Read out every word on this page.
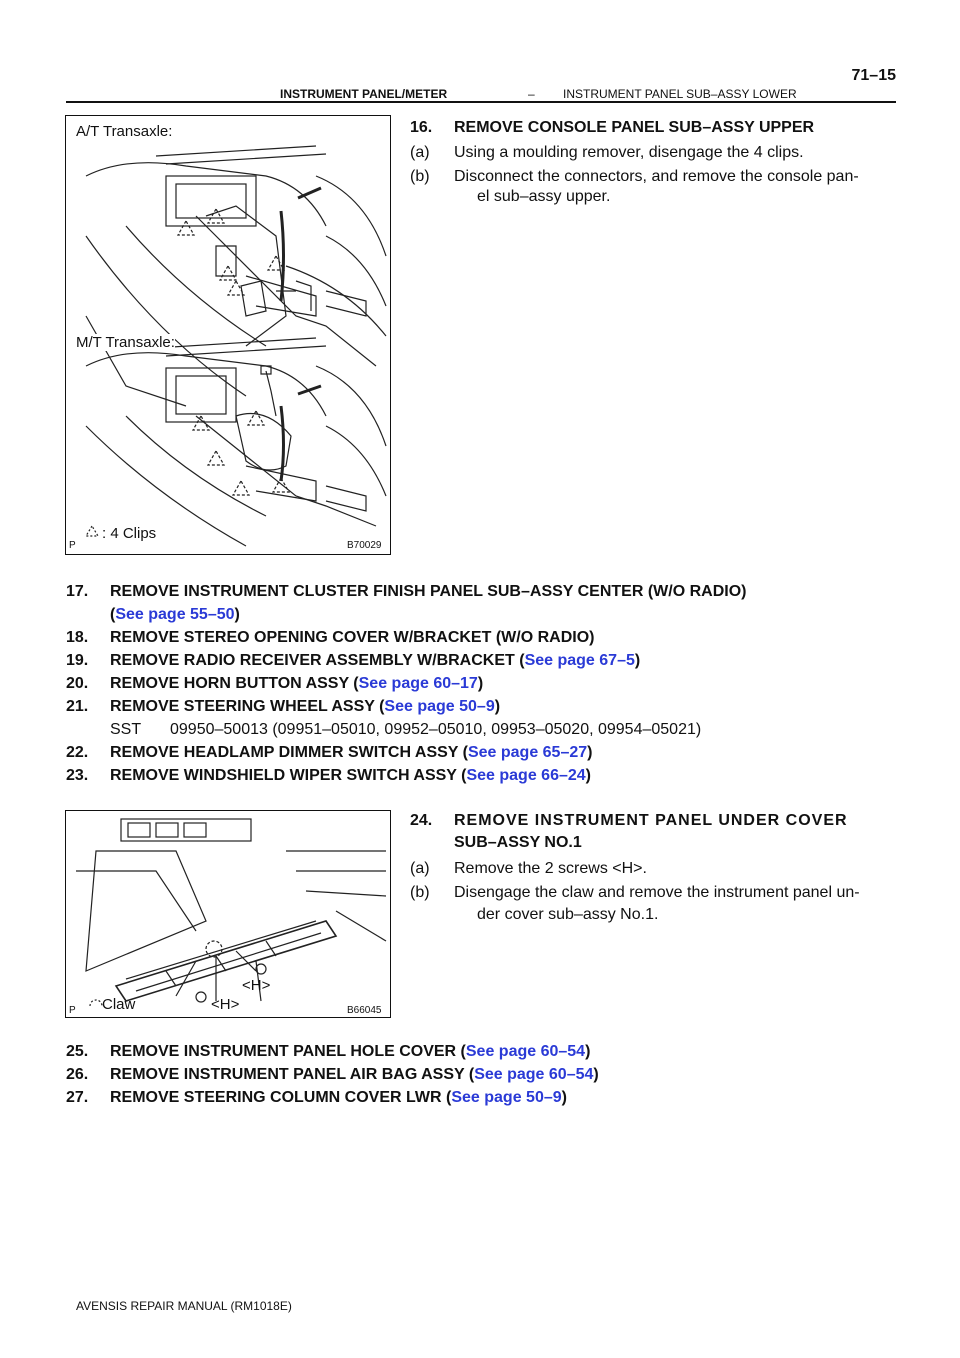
INSTRUMENT PANEL/METER	– INSTRUMENT PANEL SUB–ASSY LOWER
71–15
A/T Transaxle:
M/T Transaxle:
: 4 Clips
P	B70029
16. REMOVE CONSOLE PANEL SUB–ASSY UPPER
(a) Using a moulding remover, disengage the 4 clips.
(b) Disconnect the connectors, and remove the console pan-
el sub–assy upper.
17. REMOVE INSTRUMENT CLUSTER FINISH PANEL SUB–ASSY CENTER (W/O RADIO)
(See page 55–50)
18. REMOVE STEREO OPENING COVER W/BRACKET (W/O RADIO)
19. REMOVE RADIO RECEIVER ASSEMBLY W/BRACKET (See page 67–5)
20. REMOVE HORN BUTTON ASSY (See page 60–17)
21. REMOVE STEERING WHEEL ASSY (See page 50–9)
SST 09950–50013 (09951–05010, 09952–05010, 09953–05020, 09954–05021)
22. REMOVE HEADLAMP DIMMER SWITCH ASSY (See page 65–27)
23. REMOVE WINDSHIELD WIPER SWITCH ASSY (See page 66–24)
Claw
<H>
<H>
P	B66045
24. REMOVE INSTRUMENT PANEL UNDER COVER
SUB–ASSY NO.1
(a) Remove the 2 screws <H>.
(b) Disengage the claw and remove the instrument panel un-
der cover sub–assy No.1.
25. REMOVE INSTRUMENT PANEL HOLE COVER (See page 60–54)
26. REMOVE INSTRUMENT PANEL AIR BAG ASSY (See page 60–54)
27. REMOVE STEERING COLUMN COVER LWR (See page 50–9)
AVENSIS REPAIR MANUAL (RM1018E)
